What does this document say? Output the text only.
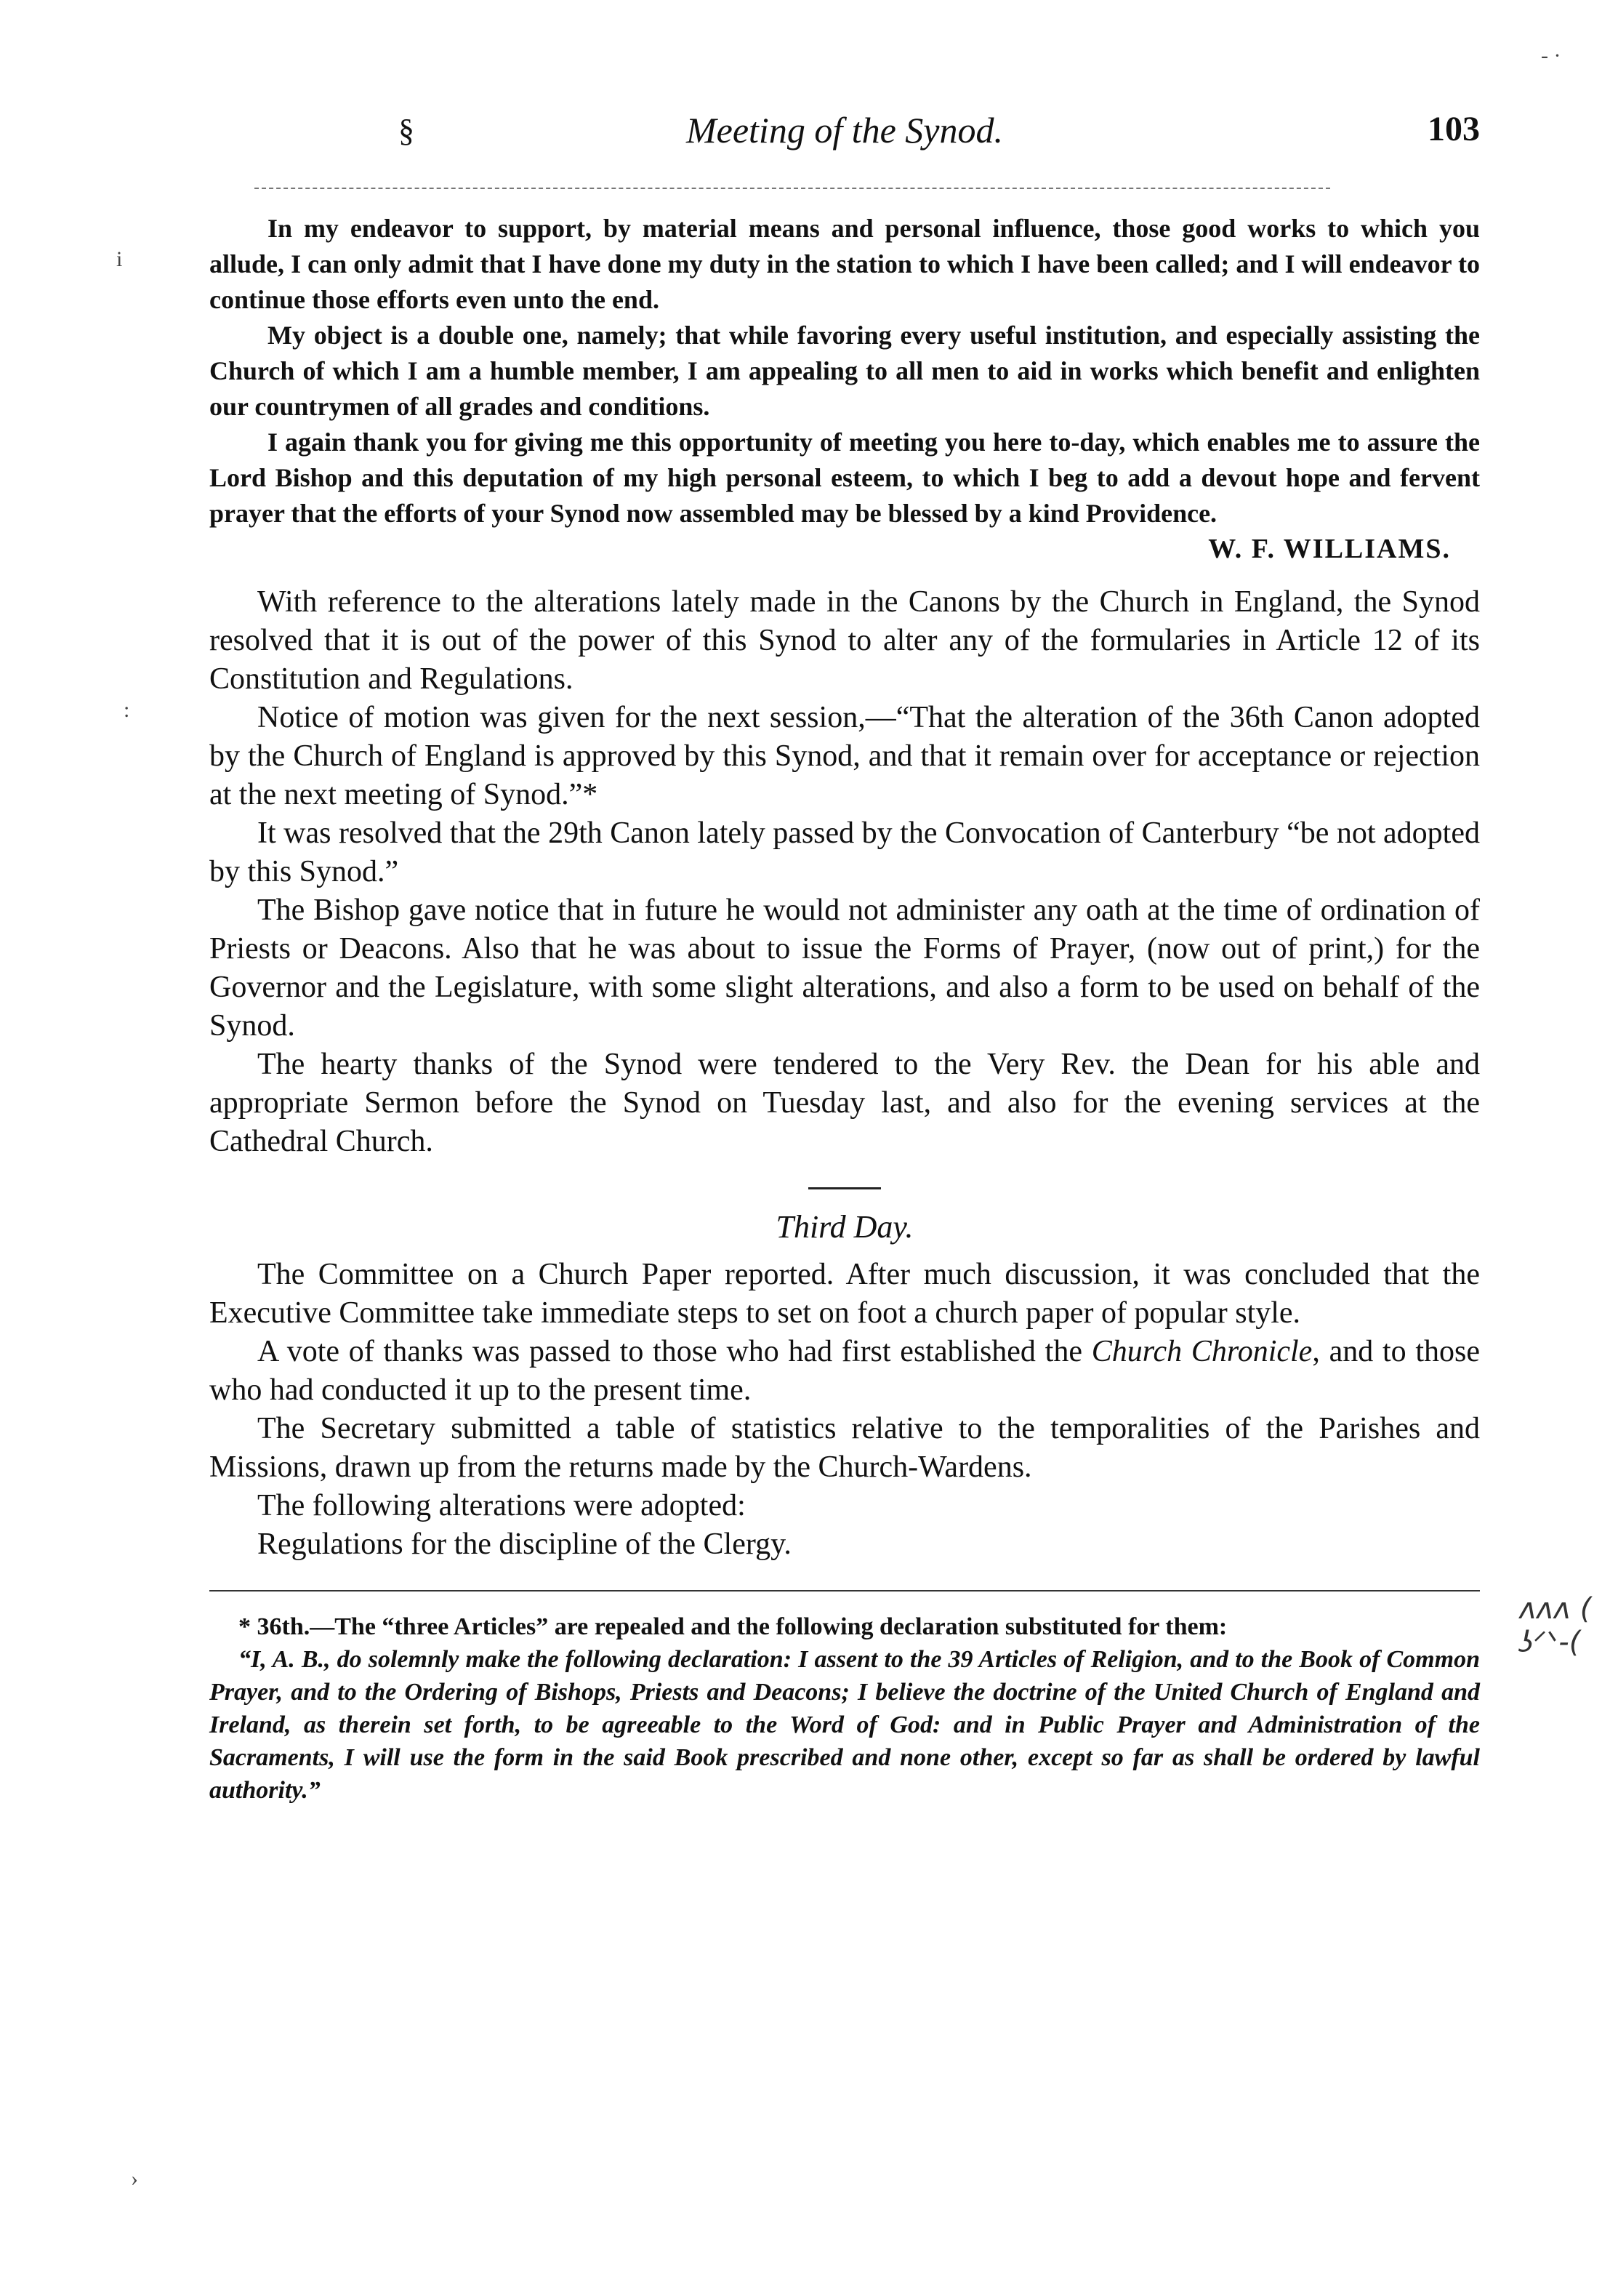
§	Meeting of the Synod.	103

In my endeavor to support, by material means and personal influence, those good works to which you allude, I can only admit that I have done my duty in the station to which I have been called; and I will endeavor to continue those efforts even unto the end.

My object is a double one, namely; that while favoring every useful institution, and especially assisting the Church of which I am a humble member, I am appealing to all men to aid in works which benefit and enlighten our countrymen of all grades and conditions.

I again thank you for giving me this opportunity of meeting you here to-day, which enables me to assure the Lord Bishop and this deputation of my high personal esteem, to which I beg to add a devout hope and fervent prayer that the efforts of your Synod now assembled may be blessed by a kind Providence.

W. F. WILLIAMS.

With reference to the alterations lately made in the Canons by the Church in England, the Synod resolved that it is out of the power of this Synod to alter any of the formularies in Article 12 of its Constitution and Regulations.

Notice of motion was given for the next session,—“That the alteration of the 36th Canon adopted by the Church of England is approved by this Synod, and that it remain over for acceptance or rejection at the next meeting of Synod.”*

It was resolved that the 29th Canon lately passed by the Convocation of Canterbury “be not adopted by this Synod.”

The Bishop gave notice that in future he would not administer any oath at the time of ordination of Priests or Deacons. Also that he was about to issue the Forms of Prayer, (now out of print,) for the Governor and the Legislature, with some slight alterations, and also a form to be used on behalf of the Synod.

The hearty thanks of the Synod were tendered to the Very Rev. the Dean for his able and appropriate Sermon before the Synod on Tuesday last, and also for the evening services at the Cathedral Church.

Third Day.

The Committee on a Church Paper reported. After much discussion, it was concluded that the Executive Committee take immediate steps to set on foot a church paper of popular style.

A vote of thanks was passed to those who had first established the Church Chronicle, and to those who had conducted it up to the present time.

The Secretary submitted a table of statistics relative to the temporalities of the Parishes and Missions, drawn up from the returns made by the Church-Wardens.

The following alterations were adopted:

Regulations for the discipline of the Clergy.

* 36th.—The “three Articles” are repealed and the following declaration substituted for them:

“I, A. B., do solemnly make the following declaration: I assent to the 39 Articles of Religion, and to the Book of Common Prayer, and to the Ordering of Bishops, Priests and Deacons; I believe the doctrine of the United Church of England and Ireland, as therein set forth, to be agreeable to the Word of God: and in Public Prayer and Administration of the Sacraments, I will use the form in the said Book prescribed and none other, except so far as shall be ordered by lawful authority.”

ᴧᴧᴧ (
ʖᐟᐠ-(
- ·
i
:
›
